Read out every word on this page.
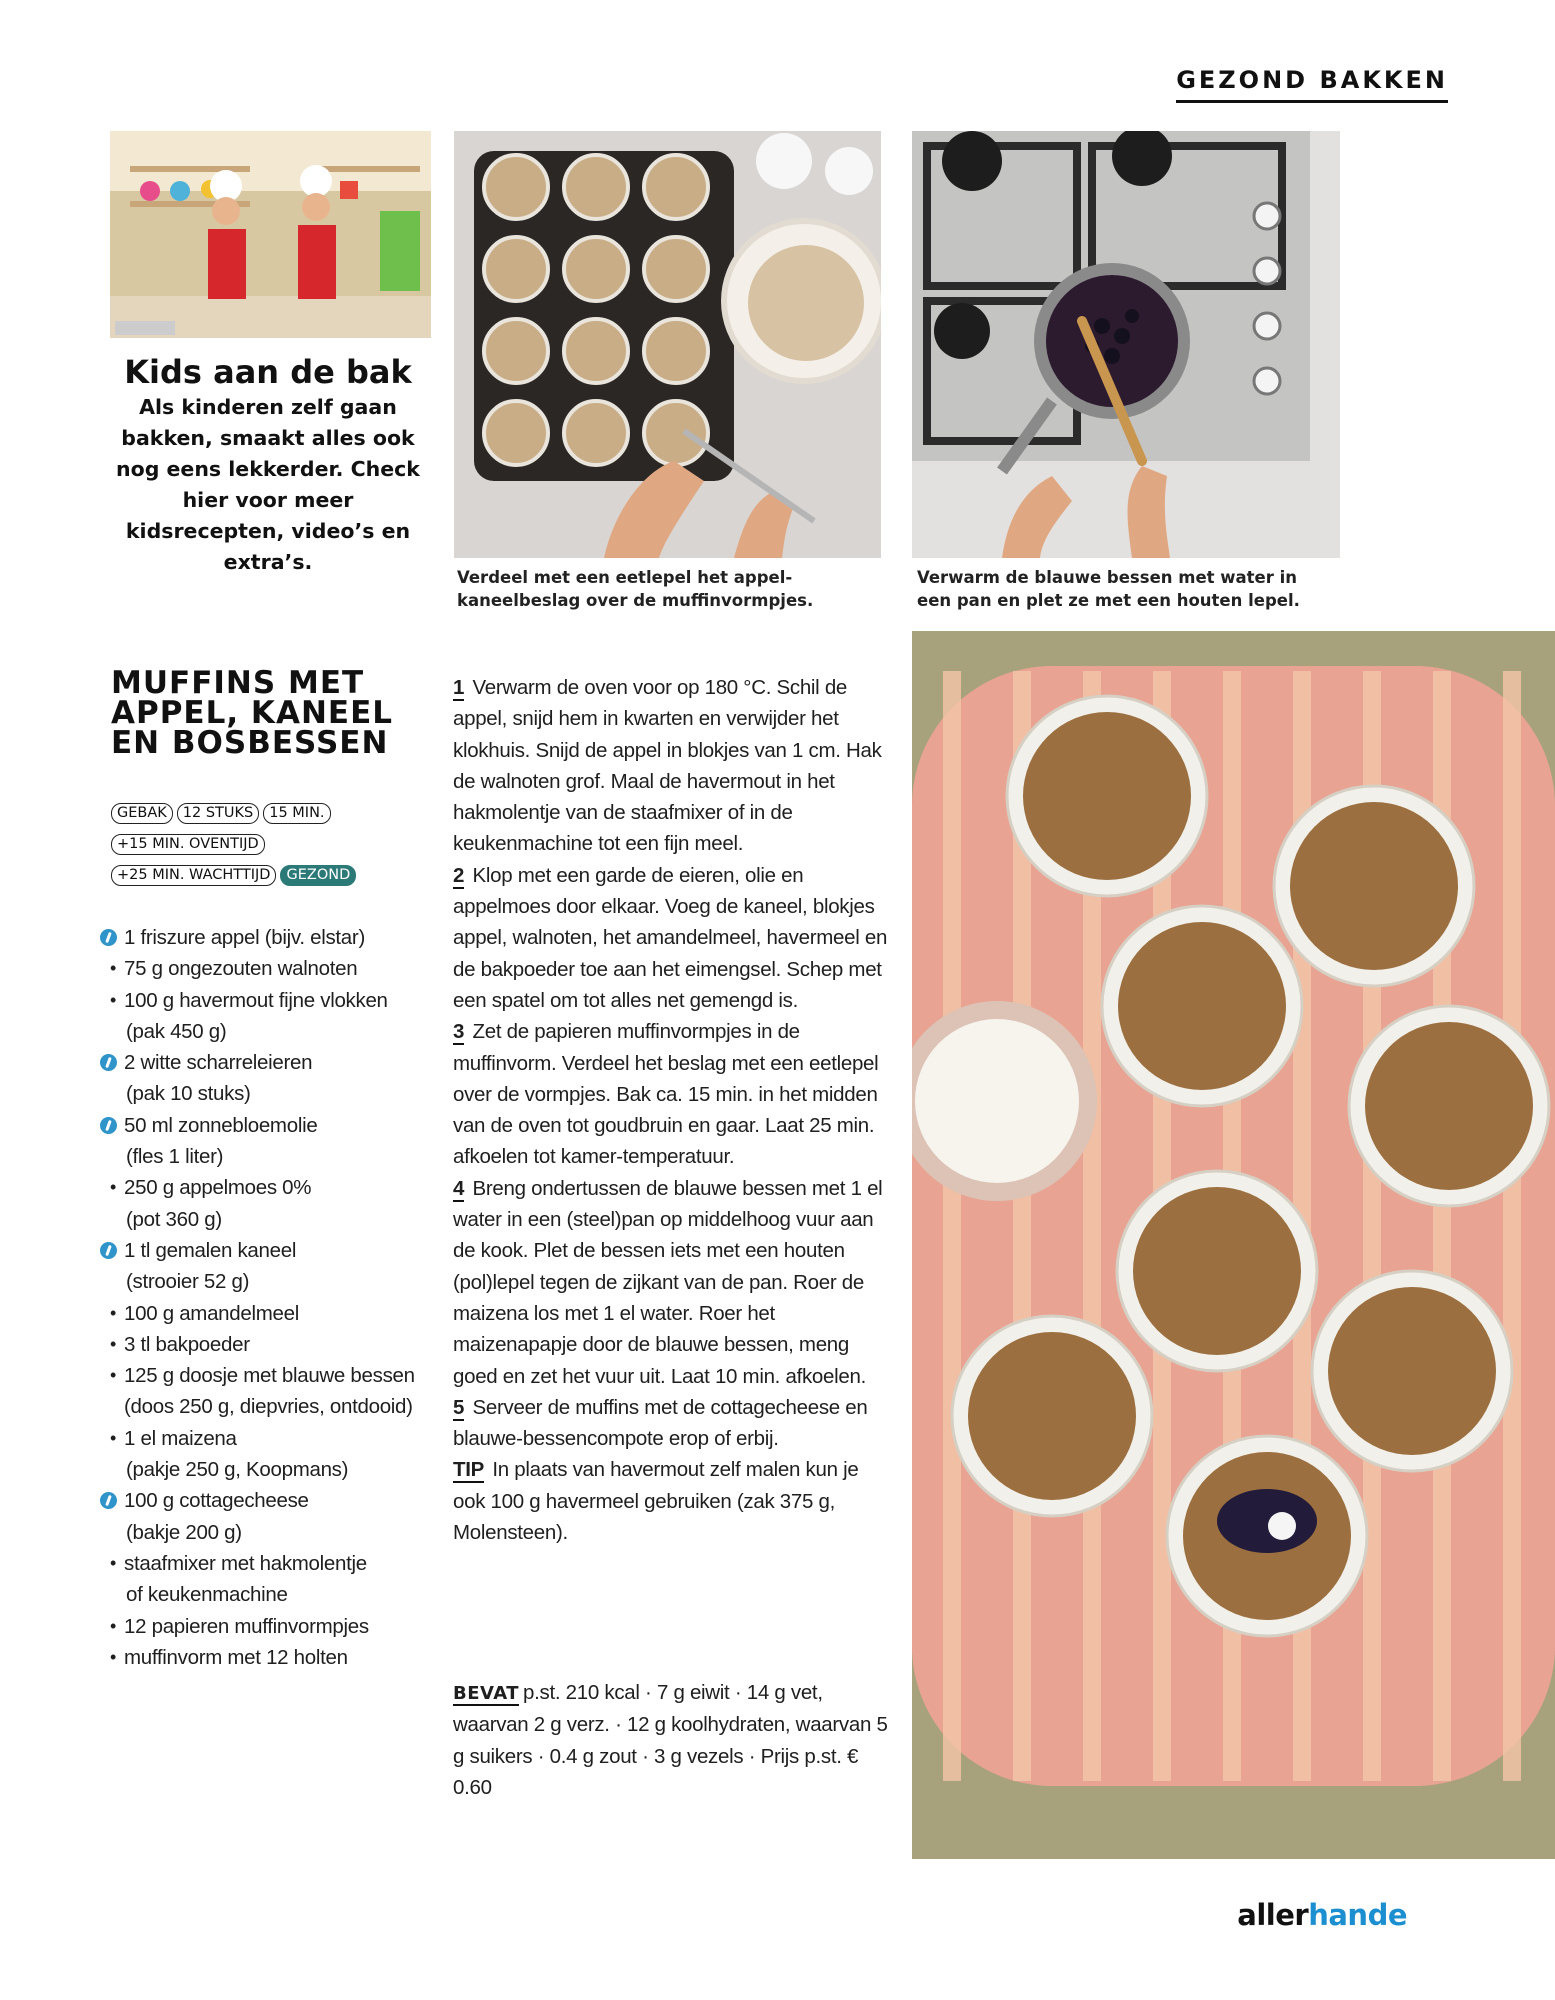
GEZOND BAKKEN
Kids aan de bak
Als kinderen zelf gaan bakken, smaakt alles ook nog eens lekkerder. Check hier voor meer kidsrecepten, video’s en extra’s.
Verdeel met een eetlepel het appel-kaneelbeslag over de muffinvormpjes.
Verwarm de blauwe bessen met water in een pan en plet ze met een houten lepel.
MUFFINS MET APPEL, KANEEL EN BOSBESSEN
GEBAK	12 STUKS	15 MIN.
+15 MIN. OVENTIJD
+25 MIN. WACHTTIJD	GEZOND
1 friszure appel (bijv. elstar)
• 75 g ongezouten walnoten
• 100 g havermout fijne vlokken
(pak 450 g)
2 witte scharreleieren
(pak 10 stuks)
50 ml zonnebloemolie
(fles 1 liter)
• 250 g appelmoes 0%
(pot 360 g)
1 tl gemalen kaneel
(strooier 52 g)
• 100 g amandelmeel
• 3 tl bakpoeder
• 125 g doosje met blauwe bessen (doos 250 g, diepvries, ontdooid)
• 1 el maizena
(pakje 250 g, Koopmans)
100 g cottagecheese
(bakje 200 g)
• staafmixer met hakmolentje
of keukenmachine
• 12 papieren muffinvormpjes
• muffinvorm met 12 holten

1 Verwarm de oven voor op 180 °C. Schil de appel, snijd hem in kwarten en verwijder het klokhuis. Snijd de appel in blokjes van 1 cm. Hak de walnoten grof. Maal de havermout in het hakmolentje van de staafmixer of in de keukenmachine tot een fijn meel.

2 Klop met een garde de eieren, olie en appelmoes door elkaar. Voeg de kaneel, blokjes appel, walnoten, het amandelmeel, havermeel en de bakpoeder toe aan het eimengsel. Schep met een spatel om tot alles net gemengd is.

3 Zet de papieren muffinvormpjes in de muffinvorm. Verdeel het beslag met een eetlepel over de vormpjes. Bak ca. 15 min. in het midden van de oven tot goudbruin en gaar. Laat 25 min. afkoelen tot kamer-temperatuur.

4 Breng ondertussen de blauwe bessen met 1 el water in een (steel)pan op middelhoog vuur aan de kook. Plet de bessen iets met een houten (pol)lepel tegen de zijkant van de pan. Roer de maizena los met 1 el water. Roer het maizenapapje door de blauwe bessen, meng goed en zet het vuur uit. Laat 10 min. afkoelen.

5 Serveer de muffins met de cottagecheese en blauwe-bessencompote erop of erbij.

TIP In plaats van havermout zelf malen kun je ook 100 g havermeel gebruiken (zak 375 g, Molensteen).

BEVAT p.st. 210 kcal · 7 g eiwit · 14 g vet, waarvan 2 g verz. · 12 g koolhydraten, waarvan 5 g suikers · 0.4 g zout · 3 g vezels · Prijs p.st. € 0.60
allerhande
